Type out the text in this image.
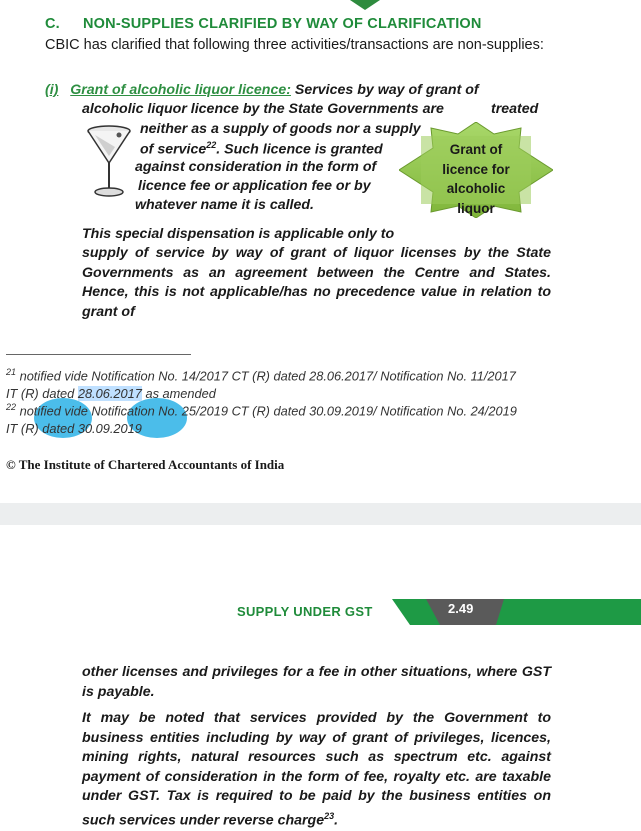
C. NON-SUPPLIES CLARIFIED BY WAY OF CLARIFICATION
CBIC has clarified that following three activities/transactions are non-supplies:
(i) Grant of alcoholic liquor licence: Services by way of grant of
alcoholic liquor licence by the State Governments are	treated
neither as a supply of goods nor a supply
of service$^{22}$. Such licence is granted
against consideration in the form of
licence fee or application fee or by
whatever name it is called.
Grant of
licence for
alcoholic
liquor
This special dispensation is applicable only to
supply of service by way of grant of liquor licenses by the State Governments as an agreement between the Centre and States. Hence, this is not applicable/has no precedence value in relation to grant of
$^{21}$ notified vide Notification No. 14/2017 CT (R) dated 28.06.2017/ Notification No. 11/2017
IT (R) dated 28.06.2017 as amended
$^{22}$ notified vide Notification No. 25/2019 CT (R) dated 30.09.2019/ Notification No. 24/2019
IT (R) dated 30.09.2019
© The Institute of Chartered Accountants of India
SUPPLY UNDER GST	2.49
other licenses and privileges for a fee in other situations, where GST is payable.
It may be noted that services provided by the Government to business entities including by way of grant of privileges, licences, mining rights, natural resources such as spectrum etc. against payment of consideration in the form of fee, royalty etc. are taxable under GST. Tax is required to be paid by the business entities on such services under reverse charge$^{23}$.
